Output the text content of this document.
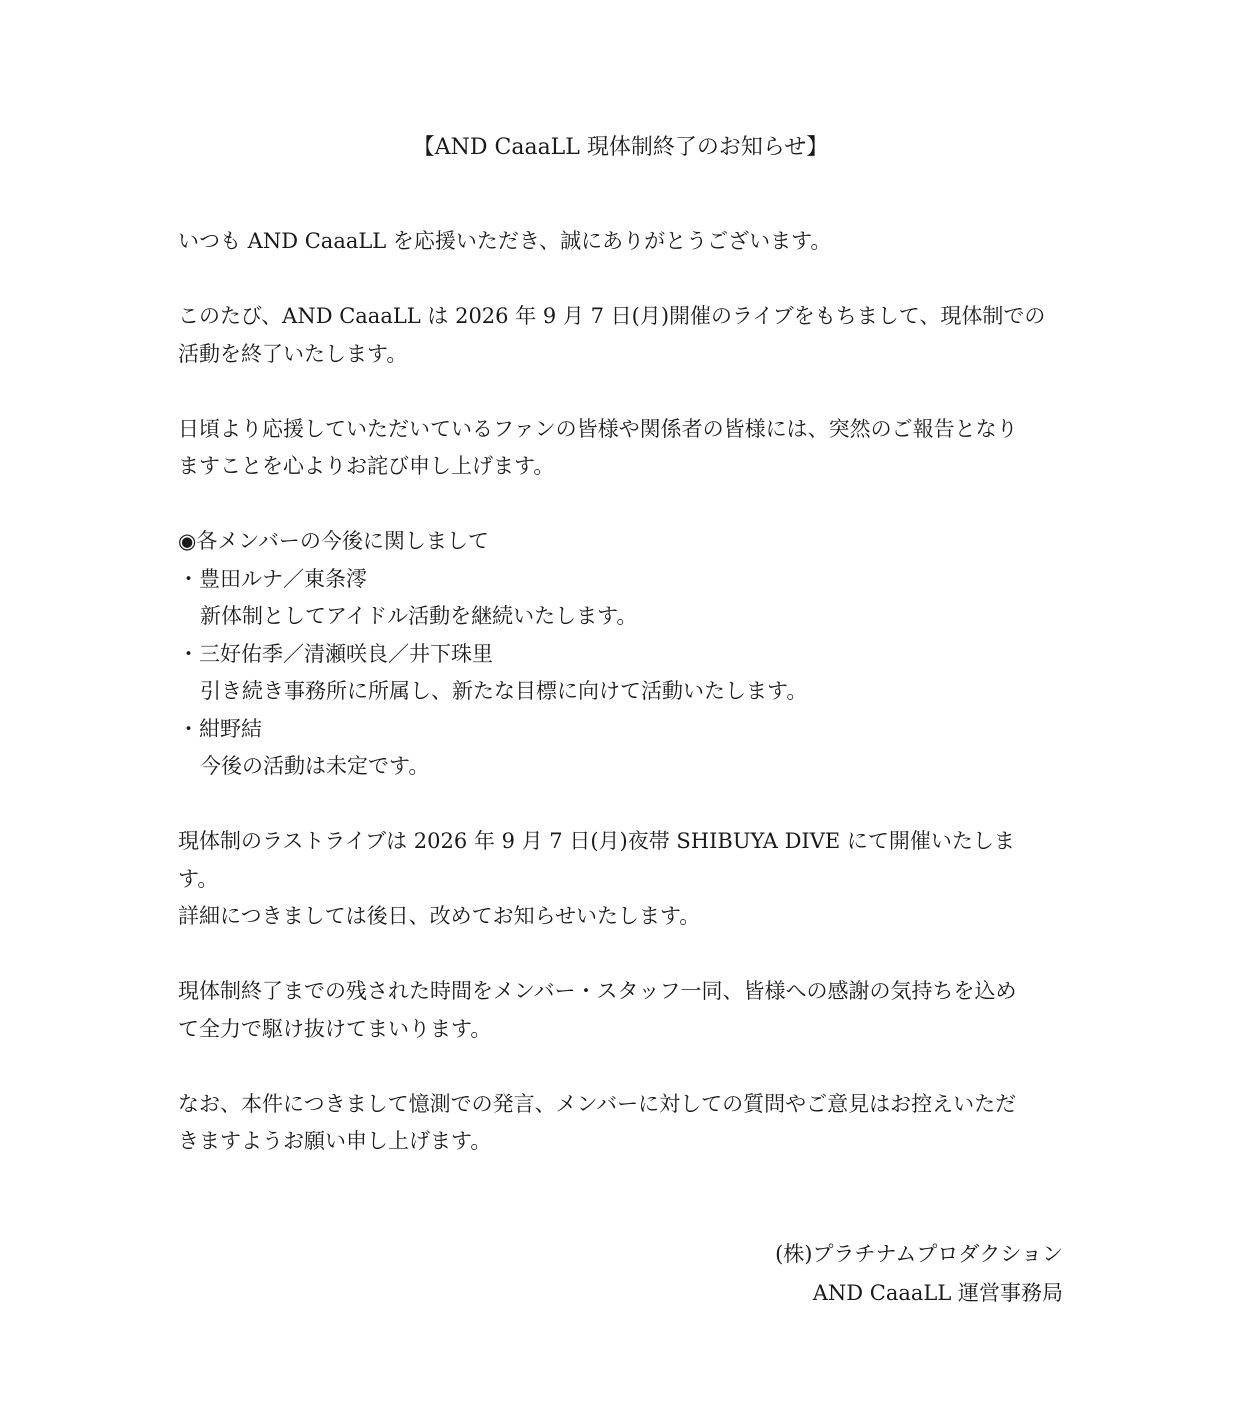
【AND CaaaLL 現体制終了のお知らせ】

いつも AND CaaaLL を応援いただき、誠にありがとうございます。

このたび、AND CaaaLL は 2026 年 9 月 7 日(月)開催のライブをもちまして、現体制での

活動を終了いたします。

日頃より応援していただいているファンの皆様や関係者の皆様には、突然のご報告となり

ますことを心よりお詫び申し上げます。

◉各メンバーの今後に関しまして

・豊田ルナ／東条澪

新体制としてアイドル活動を継続いたします。

・三好佑季／清瀬咲良／井下珠里

引き続き事務所に所属し、新たな目標に向けて活動いたします。

・紺野結

今後の活動は未定です。

現体制のラストライブは 2026 年 9 月 7 日(月)夜帯 SHIBUYA DIVE にて開催いたしま

す。

詳細につきましては後日、改めてお知らせいたします。

現体制終了までの残された時間をメンバー・スタッフ一同、皆様への感謝の気持ちを込め

て全力で駆け抜けてまいります。

なお、本件につきまして憶測での発言、メンバーに対しての質問やご意見はお控えいただ

きますようお願い申し上げます。

(株)プラチナムプロダクション

AND CaaaLL 運営事務局
